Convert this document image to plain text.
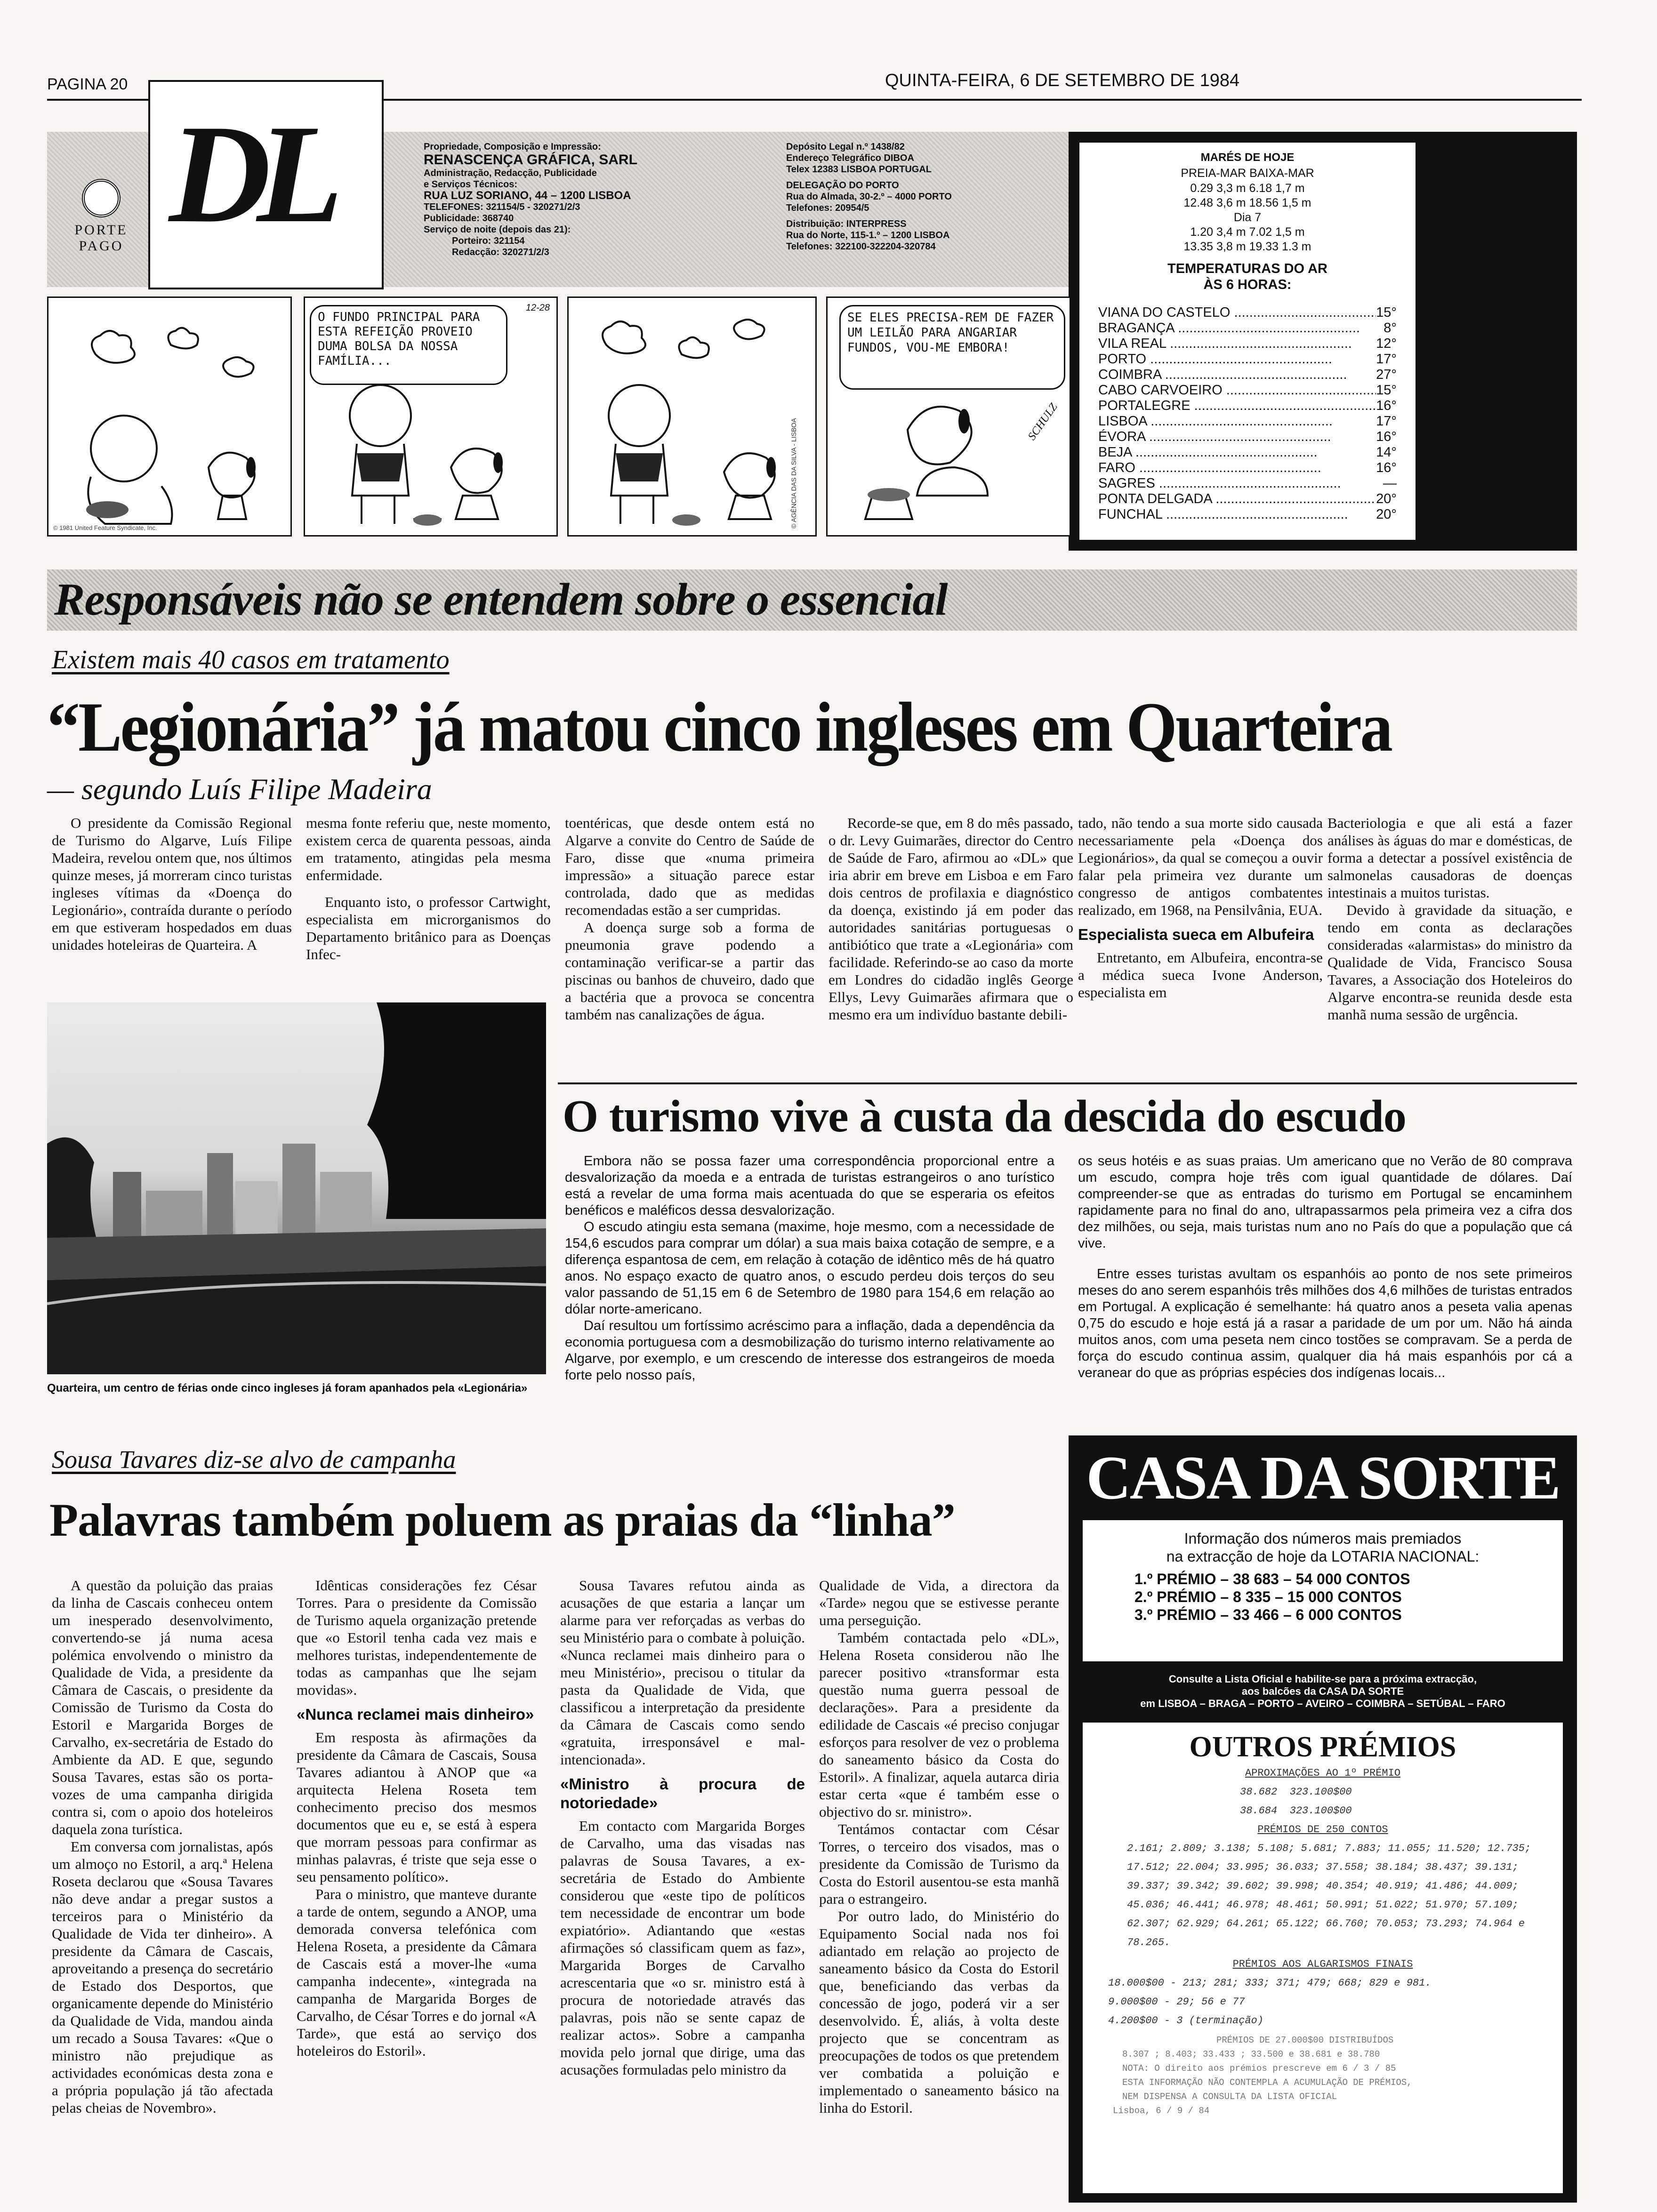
PAGINA 20	QUINTA-FEIRA, 6 DE SETEMBRO DE 1984
DL
PORTE PAGO
Propriedade, Composição e Impressão:
RENASCENÇA GRÁFICA, SARL
Administração, Redacção, Publicidade
e Serviços Técnicos:
RUA LUZ SORIANO, 44 – 1200 LISBOA
TELEFONES: 321154/5 - 320271/2/3
Publicidade: 368740
Serviço de noite (depois das 21):
Porteiro: 321154
Redacção: 320271/2/3
Depósito Legal n.º 1438/82
Endereço Telegráfico DIBOA
Telex 12383 LISBOA PORTUGAL
DELEGAÇÃO DO PORTO
Rua do Almada, 30-2.º – 4000 PORTO
Telefones: 20954/5
Distribuição: INTERPRESS
Rua do Norte, 115-1.º – 1200 LISBOA
Telefones: 322100-322204-320784
MARÉS DE HOJE
PREIA-MAR BAIXA-MAR
0.29 3,3 m 6.18 1,7 m
12.48 3,6 m 18.56 1,5 m
Dia 7
1.20 3,4 m 7.02 1,5 m
13.35 3,8 m 19.33 1.3 m
TEMPERATURAS DO AR
ÀS 6 HORAS:
VIANA DO CASTELO .....	15°
BRAGANÇA .....	8°
VILA REAL .....	12°
PORTO .....	17°
COIMBRA .....	27°
CABO CARVOEIRO .....	15°
PORTALEGRE .....	16°
LISBOA .....	17°
ÉVORA .....	16°
BEJA .....	14°
FARO .....	16°
SAGRES .....	—
PONTA DELGADA .....	20°
FUNCHAL .....	20°
© 1981 United Feature Syndicate, Inc.
O FUNDO PRINCIPAL PARA ESTA REFEIÇÃO PROVEIO DUMA BOLSA DA NOSSA FAMÍLIA...
12-28
© AGÊNCIA DAS DA SILVA - LISBOA
SE ELES PRECISA-REM DE FAZER UM LEILÃO PARA ANGARIAR FUNDOS, VOU-ME EMBORA!
SCHULZ
Responsáveis não se entendem sobre o essencial
Existem mais 40 casos em tratamento
“Legionária” já matou cinco ingleses em Quarteira
— segundo Luís Filipe Madeira

O presidente da Comissão Regional de Turismo do Algarve, Luís Filipe Madeira, revelou ontem que, nos últimos quinze meses, já morreram cinco turistas ingleses vítimas da «Doença do Legionário», contraída durante o período em que estiveram hospedados em duas unidades hoteleiras de Quarteira. A

mesma fonte referiu que, neste momento, existem cerca de quarenta pessoas, ainda em tratamento, atingidas pela mesma enfermidade.

Enquanto isto, o professor Cartwight, especialista em microrganismos do Departamento britânico para as Doenças Infec-

toentéricas, que desde ontem está no Algarve a convite do Centro de Saúde de Faro, disse que «numa primeira impressão» a situação parece estar controlada, dado que as medidas recomendadas estão a ser cumpridas.

A doença surge sob a forma de pneumonia grave podendo a contaminação verificar-se a partir das piscinas ou banhos de chuveiro, dado que a bactéria que a provoca se concentra também nas canalizações de água.

Recorde-se que, em 8 do mês passado, o dr. Levy Guimarães, director do Centro de Saúde de Faro, afirmou ao «DL» que iria abrir em breve em Lisboa e em Faro dois centros de profilaxia e diagnóstico da doença, existindo já em poder das autoridades sanitárias portuguesas o antibiótico que trate a «Legionária» com facilidade. Referindo-se ao caso da morte em Londres do cidadão inglês George Ellys, Levy Guimarães afirmara que o mesmo era um indivíduo bastante debili-

tado, não tendo a sua morte sido causada necessariamente pela «Doença dos Legionários», da qual se começou a ouvir falar pela primeira vez durante um congresso de antigos combatentes realizado, em 1968, na Pensilvânia, EUA.

Especialista sueca em Albufeira

Entretanto, em Albufeira, encontra-se a médica sueca Ivone Anderson, especialista em

Bacteriologia e que ali está a fazer análises às águas do mar e domésticas, de forma a detectar a possível existência de salmonelas causadoras de doenças intestinais a muitos turistas.

Devido à gravidade da situação, e tendo em conta as declarações consideradas «alarmistas» do ministro da Qualidade de Vida, Francisco Sousa Tavares, a Associação dos Hoteleiros do Algarve encontra-se reunida desde esta manhã numa sessão de urgência.

Quarteira, um centro de férias onde cinco ingleses já foram apanhados pela «Legionária»
O turismo vive à custa da descida do escudo

Embora não se possa fazer uma correspondência proporcional entre a desvalorização da moeda e a entrada de turistas estrangeiros o ano turístico está a revelar de uma forma mais acentuada do que se esperaria os efeitos benéficos e maléficos dessa desvalorização.

O escudo atingiu esta semana (maxime, hoje mesmo, com a necessidade de 154,6 escudos para comprar um dólar) a sua mais baixa cotação de sempre, e a diferença espantosa de cem, em relação à cotação de idêntico mês de há quatro anos. No espaço exacto de quatro anos, o escudo perdeu dois terços do seu valor passando de 51,15 em 6 de Setembro de 1980 para 154,6 em relação ao dólar norte-americano.

Daí resultou um fortíssimo acréscimo para a inflação, dada a dependência da economia portuguesa com a desmobilização do turismo interno relativamente ao Algarve, por exemplo, e um crescendo de interesse dos estrangeiros de moeda forte pelo nosso país,

os seus hotéis e as suas praias. Um americano que no Verão de 80 comprava um escudo, compra hoje três com igual quantidade de dólares. Daí compreender-se que as entradas do turismo em Portugal se encaminhem rapidamente para no final do ano, ultrapassarmos pela primeira vez a cifra dos dez milhões, ou seja, mais turistas num ano no País do que a população que cá vive.

Entre esses turistas avultam os espanhóis ao ponto de nos sete primeiros meses do ano serem espanhóis três milhões dos 4,6 milhões de turistas entrados em Portugal. A explicação é semelhante: há quatro anos a peseta valia apenas 0,75 do escudo e hoje está já a rasar a paridade de um por um. Não há ainda muitos anos, com uma peseta nem cinco tostões se compravam. Se a perda de força do escudo continua assim, qualquer dia há mais espanhóis por cá a veranear do que as próprias espécies dos indígenas locais...

Sousa Tavares diz-se alvo de campanha
Palavras também poluem as praias da “linha”

A questão da poluição das praias da linha de Cascais conheceu ontem um inesperado desenvolvimento, convertendo-se já numa acesa polémica envolvendo o ministro da Qualidade de Vida, a presidente da Câmara de Cascais, o presidente da Comissão de Turismo da Costa do Estoril e Margarida Borges de Carvalho, ex-secretária de Estado do Ambiente da AD. E que, segundo Sousa Tavares, estas são os porta-vozes de uma campanha dirigida contra si, com o apoio dos hoteleiros daquela zona turística.

Em conversa com jornalistas, após um almoço no Estoril, a arq.ª Helena Roseta declarou que «Sousa Tavares não deve andar a pregar sustos a terceiros para o Ministério da Qualidade de Vida ter dinheiro». A presidente da Câmara de Cascais, aproveitando a presença do secretário de Estado dos Desportos, que organicamente depende do Ministério da Qualidade de Vida, mandou ainda um recado a Sousa Tavares: «Que o ministro não prejudique as actividades económicas desta zona e a própria população já tão afectada pelas cheias de Novembro».

Idênticas considerações fez César Torres. Para o presidente da Comissão de Turismo aquela organização pretende que «o Estoril tenha cada vez mais e melhores turistas, independentemente de todas as campanhas que lhe sejam movidas».

«Nunca reclamei mais dinheiro»

Em resposta às afirmações da presidente da Câmara de Cascais, Sousa Tavares adiantou à ANOP que «a arquitecta Helena Roseta tem conhecimento preciso dos mesmos documentos que eu e, se está à espera que morram pessoas para confirmar as minhas palavras, é triste que seja esse o seu pensamento político».

Para o ministro, que manteve durante a tarde de ontem, segundo a ANOP, uma demorada conversa telefónica com Helena Roseta, a presidente da Câmara de Cascais está a mover-lhe «uma campanha indecente», «integrada na campanha de Margarida Borges de Carvalho, de César Torres e do jornal «A Tarde», que está ao serviço dos hoteleiros do Estoril».

Sousa Tavares refutou ainda as acusações de que estaria a lançar um alarme para ver reforçadas as verbas do seu Ministério para o combate à poluição. «Nunca reclamei mais dinheiro para o meu Ministério», precisou o titular da pasta da Qualidade de Vida, que classificou a interpretação da presidente da Câmara de Cascais como sendo «gratuita, irresponsável e mal-intencionada».

«Ministro à procura de notoriedade»

Em contacto com Margarida Borges de Carvalho, uma das visadas nas palavras de Sousa Tavares, a ex-secretária de Estado do Ambiente considerou que «este tipo de políticos tem necessidade de encontrar um bode expiatório». Adiantando que «estas afirmações só classificam quem as faz», Margarida Borges de Carvalho acrescentaria que «o sr. ministro está à procura de notoriedade através das palavras, pois não se sente capaz de realizar actos». Sobre a campanha movida pelo jornal que dirige, uma das acusações formuladas pelo ministro da

Qualidade de Vida, a directora da «Tarde» negou que se estivesse perante uma perseguição.

Também contactada pelo «DL», Helena Roseta considerou não lhe parecer positivo «transformar esta questão numa guerra pessoal de declarações». Para a presidente da edilidade de Cascais «é preciso conjugar esforços para resolver de vez o problema do saneamento básico da Costa do Estoril». A finalizar, aquela autarca diria estar certa «que é também esse o objectivo do sr. ministro».

Tentámos contactar com César Torres, o terceiro dos visados, mas o presidente da Comissão de Turismo da Costa do Estoril ausentou-se esta manhã para o estrangeiro.

Por outro lado, do Ministério do Equipamento Social nada nos foi adiantado em relação ao projecto de saneamento básico da Costa do Estoril que, beneficiando das verbas da concessão de jogo, poderá vir a ser desenvolvido. É, aliás, à volta deste projecto que se concentram as preocupações de todos os que pretendem ver combatida a poluição e implementado o saneamento básico na linha do Estoril.

CASA DA SORTE
Informação dos números mais premiados
na extracção de hoje da LOTARIA NACIONAL:
1.º PRÉMIO – 38 683 – 54 000 CONTOS
2.º PRÉMIO – 8 335 – 15 000 CONTOS
3.º PRÉMIO – 33 466 – 6 000 CONTOS
Consulte a Lista Oficial e habilite-se para a próxima extracção,
aos balcões da CASA DA SORTE
em LISBOA – BRAGA – PORTO – AVEIRO – COIMBRA – SETÚBAL – FARO
OUTROS PRÉMIOS
APROXIMAÇÕES AO 1º PRÉMIO
38.682  323.100$00
38.684  323.100$00
PRÉMIOS DE 250 CONTOS
2.161; 2.809; 3.138; 5.108; 5.681; 7.883; 11.055; 11.520; 12.735;
17.512; 22.004; 33.995; 36.033; 37.558; 38.184; 38.437; 39.131;
39.337; 39.342; 39.602; 39.998; 40.354; 40.919; 41.486; 44.009;
45.036; 46.441; 46.978; 48.461; 50.991; 51.022; 51.970; 57.109;
62.307; 62.929; 64.261; 65.122; 66.760; 70.053; 73.293; 74.964 e
78.265.
PRÉMIOS AOS ALGARISMOS FINAIS
18.000$00 - 213; 281; 333; 371; 479; 668; 829 e 981.
9.000$00 - 29; 56 e 77
4.200$00 - 3 (terminação)
PRÉMIOS DE 27.000$00 DISTRIBUÍDOS
8.307 ; 8.403; 33.433 ; 33.500 e 38.681 e 38.780
NOTA: O direito aos prémios prescreve em 6 / 3 / 85
ESTA INFORMAÇÃO NÃO CONTEMPLA A ACUMULAÇÃO DE PRÉMIOS,
NEM DISPENSA A CONSULTA DA LISTA OFICIAL
Lisboa, 6 / 9 / 84
